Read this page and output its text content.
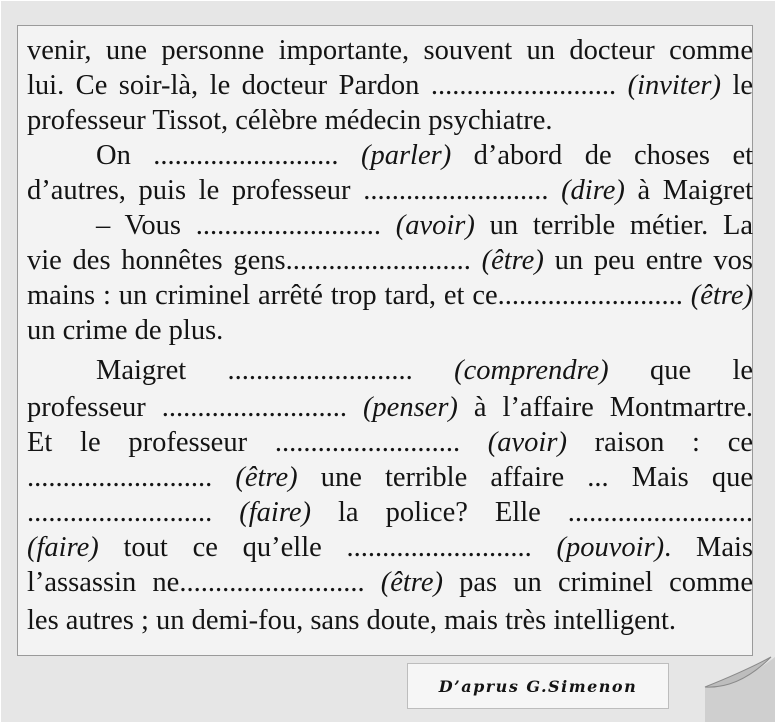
venir, une personne importante, souvent un docteur comme
lui. Ce soir-là, le docteur Pardon .......................... (inviter) le
professeur Tissot, célèbre médecin psychiatre.
On .......................... (parler) d’abord de choses et
d’autres, puis le professeur .......................... (dire) à Maigret
– Vous .......................... (avoir) un terrible métier. La
vie des honnêtes gens.......................... (être) un peu entre vos
mains : un criminel arrêté trop tard, et ce.......................... (être)
un crime de plus.
Maigret .......................... (comprendre) que le
professeur .......................... (penser) à l’affaire Montmartre.
Et le professeur .......................... (avoir) raison : ce
.......................... (être) une terrible affaire ... Mais que
.......................... (faire) la police? Elle ..........................
(faire) tout ce qu’elle .......................... (pouvoir). Mais
l’assassin ne.......................... (être) pas un criminel comme
les autres ; un demi-fou, sans doute, mais très intelligent.
D’aprus G.Simenon
